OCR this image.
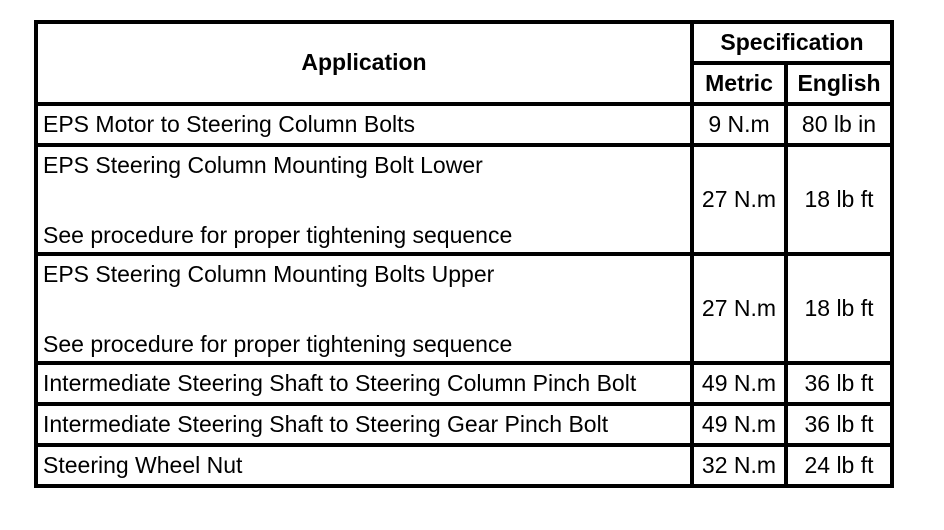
Application	Specification	
	Metric	English
EPS Motor to Steering Column Bolts	9 N.m	80 lb in

EPS Steering Column Mounting Bolt Lower
See procedure for proper tightening sequence	27 N.m	18 lb ft

EPS Steering Column Mounting Bolts Upper
See procedure for proper tightening sequence	27 N.m	18 lb ft
Intermediate Steering Shaft to Steering Column Pinch Bolt	49 N.m	36 lb ft
Intermediate Steering Shaft to Steering Gear Pinch Bolt	49 N.m	36 lb ft
Steering Wheel Nut	32 N.m	24 lb ft
